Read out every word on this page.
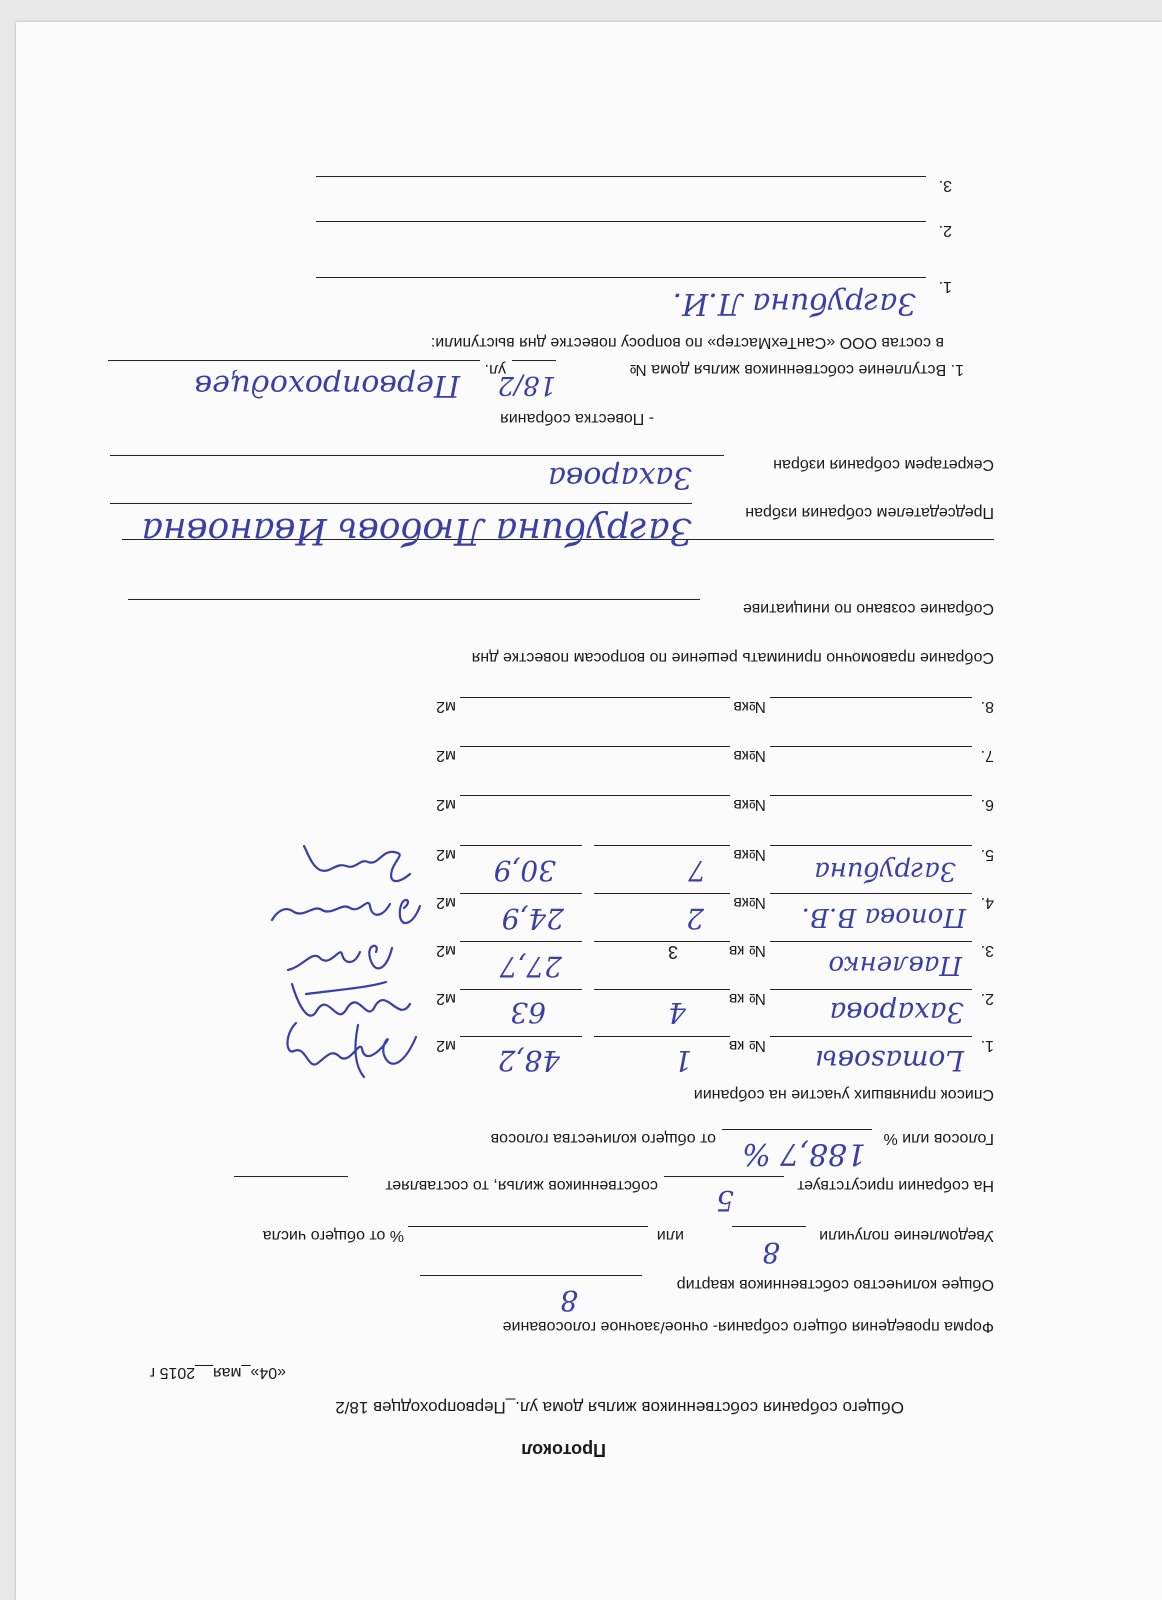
Протокол
Общего собрания собственников жилья дома ул._Первопроходцев 18/2
«04»_мая__2015 г
Форма проведения общего собрания- очное/заочное голосование
Общее количество собственников квартир
8
Уведомление получили
8
или
% от общего числа
На собрании присутствует
5
собственников жилья, то составляет
Голосов или %
188,7 %
от общего количества голосов
Список принявших участие на собрании
1.
Lomasoвы
№ кв
1
48,2
м2
2.
Захарова
№ кв
4
63
м2
3.
Павленко
№ кв
3
27,7
м2
4.
Попова В.В.
№кв
2
24,9
м2
5.
Загрубина
№кв
7
30,9
м2
6.
№кв
м2
7.
№кв
м2
8.
№кв
м2
Собрание правомочно принимать решение по вопросам повестке дня
Собрание созвано по инициативе
Председателем собрания избран
Загрубина Любовь Ивановна
Секретарем собрания избран
Захарова
- Повестка собрания
1. Вступление собственников жилья дома №
18/2
ул.
Первопроходцев
в состав ООО «СанТехМастер» по вопросу повестке дня выступили:
1.
Загрубина Л.И.
2.
3.
